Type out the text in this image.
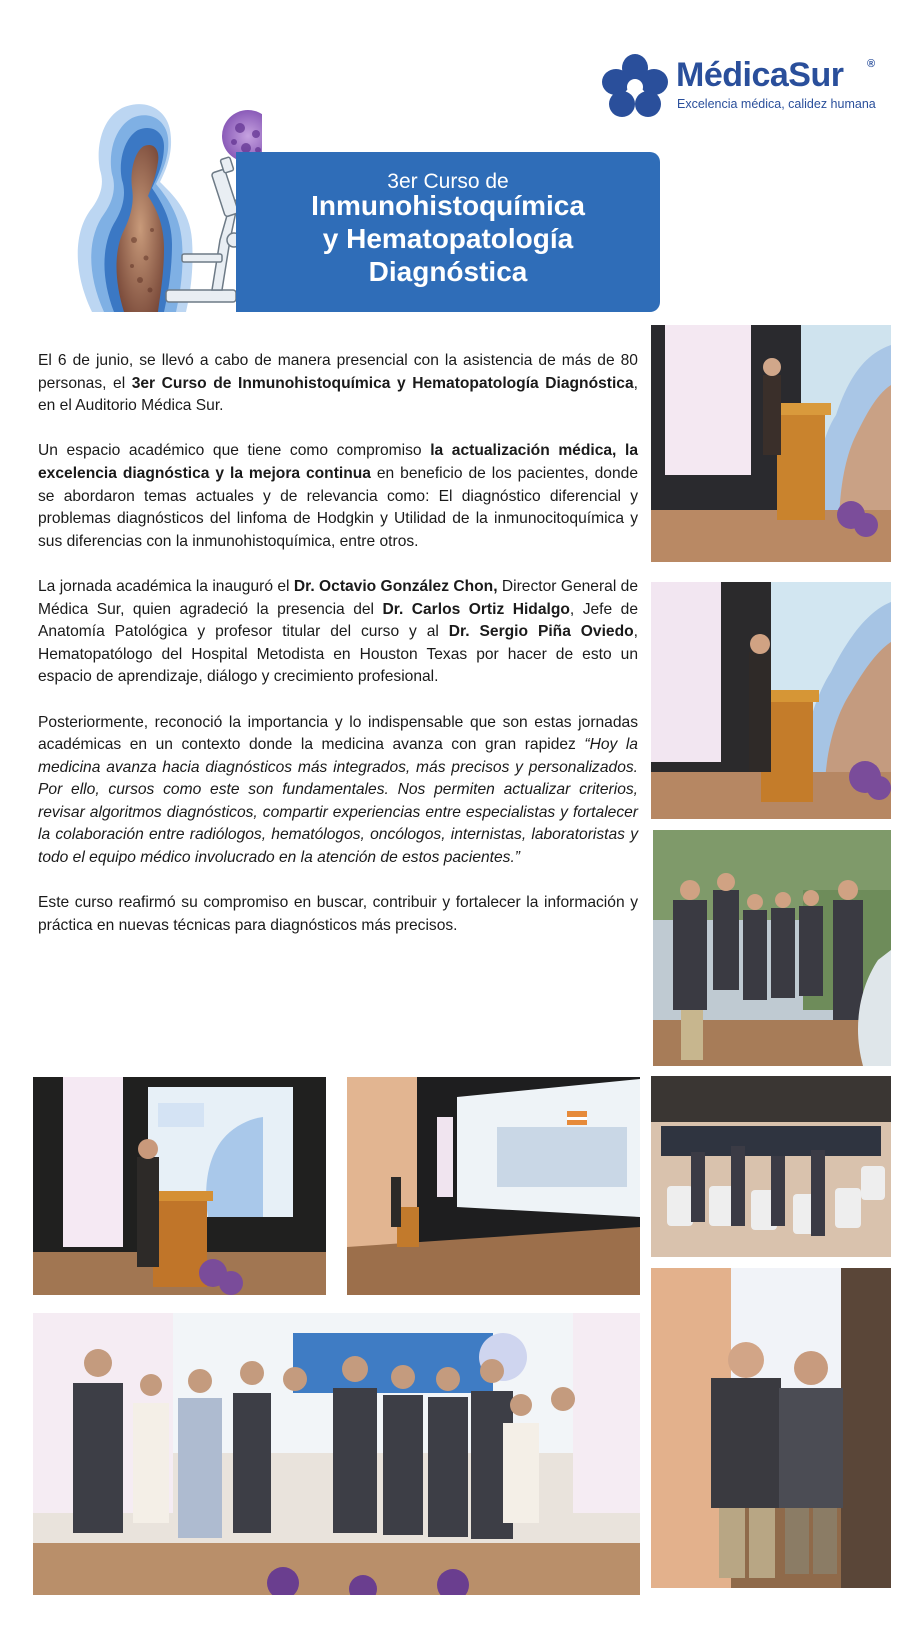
MédicaSur ®
Excelencia médica, calidez humana
3er Curso de
Inmunohistoquímica
y Hematopatología
Diagnóstica

El 6 de junio, se llevó a cabo de manera presencial con la asistencia de más de 80 personas, el 3er Curso de Inmunohistoquímica y Hematopatología Diagnóstica, en el Auditorio Médica Sur.

Un espacio académico que tiene como compromiso la actualización médica, la excelencia diagnóstica y la mejora continua en beneficio de los pacientes, donde se abordaron temas actuales y de relevancia como: El diagnóstico diferencial y problemas diagnósticos del linfoma de Hodgkin y Utilidad de la inmunocitoquímica y sus diferencias con la inmunohistoquímica, entre otros.

La jornada académica la inauguró el Dr. Octavio González Chon, Director General de Médica Sur, quien agradeció la presencia del Dr. Carlos Ortiz Hidalgo, Jefe de Anatomía Patológica y profesor titular del curso y al Dr. Sergio Piña Oviedo, Hematopatólogo del Hospital Metodista en Houston Texas por hacer de esto un espacio de aprendizaje, diálogo y crecimiento profesional.

Posteriormente, reconoció la importancia y lo indispensable que son estas jornadas académicas en un contexto donde la medicina avanza con gran rapidez “Hoy la medicina avanza hacia diagnósticos más integrados, más precisos y personalizados. Por ello, cursos como este son fundamentales. Nos permiten actualizar criterios, revisar algoritmos diagnósticos, compartir experiencias entre especialistas y fortalecer la colaboración entre radiólogos, hematólogos, oncólogos, internistas, laboratoristas y todo el equipo médico involucrado en la atención de estos pacientes.”

Este curso reafirmó su compromiso en buscar, contribuir y fortalecer la información y práctica en nuevas técnicas para diagnósticos más precisos.
